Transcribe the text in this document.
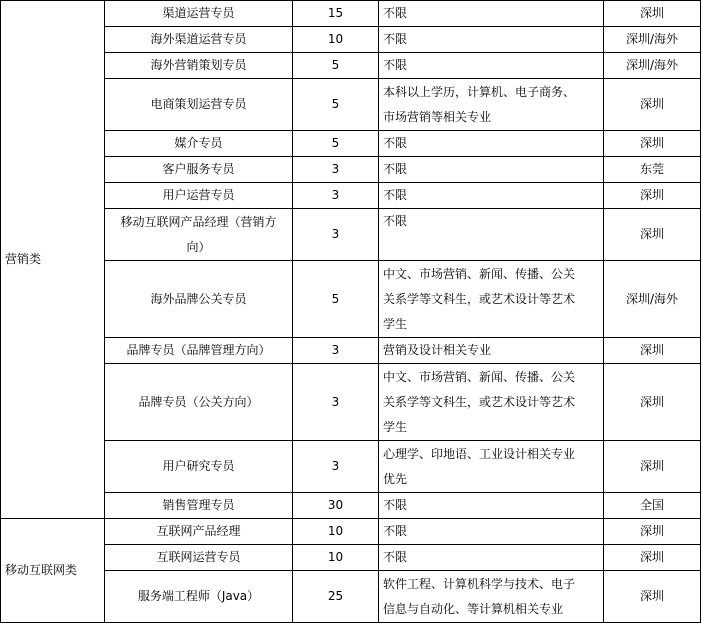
营销类	渠道运营专员	15	不限	深圳
	海外渠道运营专员	10	不限	深圳/海外
	海外营销策划专员	5	不限	深圳/海外
	电商策划运营专员	5	本科以上学历，计算机、电子商务、
市场营销等相关专业	深圳
	媒介专员	5	不限	深圳
	客户服务专员	3	不限	东莞
	用户运营专员	3	不限	深圳

	移动互联网产品经理（营销方
向）	3	不限	深圳
	海外品牌公关专员	5	中文、市场营销、新闻、传播、公关
关系学等文科生，或艺术设计等艺术
学生	深圳/海外
	品牌专员（品牌管理方向）	3	营销及设计相关专业	深圳
	品牌专员（公关方向）	3	中文、市场营销、新闻、传播、公关
关系学等文科生，或艺术设计等艺术
学生	深圳
	用户研究专员	3	心理学、印地语、工业设计相关专业
优先	深圳
	销售管理专员	30	不限	全国
移动互联网类	互联网产品经理	10	不限	深圳
	互联网运营专员	10	不限	深圳
	服务端工程师（Java）	25	软件工程、计算机科学与技术、电子
信息与自动化、等计算机相关专业	深圳
